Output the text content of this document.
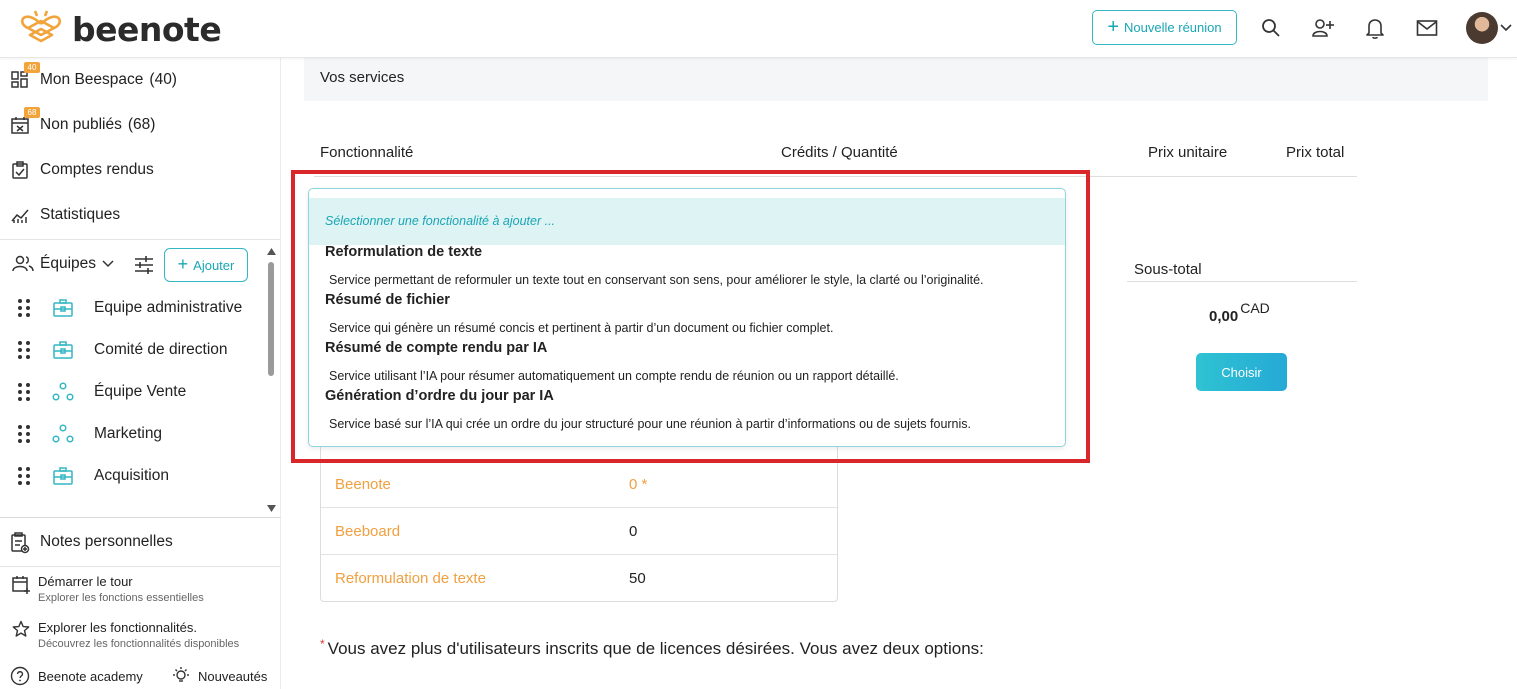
beenote	+ Nouvelle réunion
Mon Beespace (40)
40
Non publiés (68)
68
Comptes rendus
Statistiques
Équipes	+ Ajouter
Equipe administrative
Comité de direction
Équipe Vente
Marketing
Acquisition
Notes personnelles
Démarrer le tour
Explorer les fonctions essentielles
Explorer les fonctionnalités.
Découvrez les fonctionnalités disponibles
Beenote academy	Nouveautés
Vos services
Fonctionnalité	Crédits / Quantité	Prix unitaire	Prix total
Sous-total
0,00 $^{CAD}$
Choisir
Beenote	0 *
Beeboard	0
Reformulation de texte	50
* Vous avez plus d'utilisateurs inscrits que de licences désirées. Vous avez deux options:
Sélectionner une fonctionalité à ajouter ...
Reformulation de texte
Service permettant de reformuler un texte tout en conservant son sens, pour améliorer le style, la clarté ou l’originalité.
Résumé de fichier
Service qui génère un résumé concis et pertinent à partir d’un document ou fichier complet.
Résumé de compte rendu par IA
Service utilisant l’IA pour résumer automatiquement un compte rendu de réunion ou un rapport détaillé.
Génération d’ordre du jour par IA
Service basé sur l’IA qui crée un ordre du jour structuré pour une réunion à partir d’informations ou de sujets fournis.
